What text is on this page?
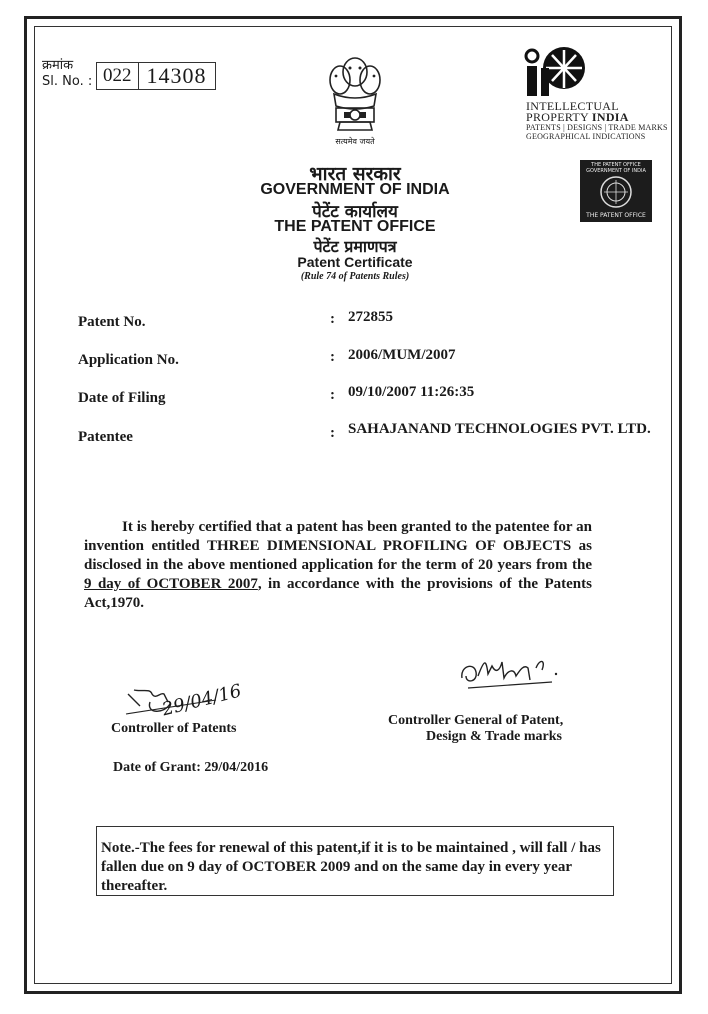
क्रमांक
Sl. No. : 022 14308
सत्यमेव जयते
INTELLECTUAL
PROPERTY INDIA
PATENTS | DESIGNS | TRADE MARKS
GEOGRAPHICAL INDICATIONS
THE PATENT OFFICE GOVERNMENT OF INDIA
THE PATENT OFFICE
भारत सरकार
GOVERNMENT OF INDIA
पेटेंट कार्यालय
THE PATENT OFFICE
पेटेंट प्रमाणपत्र
Patent Certificate
(Rule 74 of Patents Rules)
Patent No.	: 272855
Application No.	: 2006/MUM/2007
Date of Filing	: 09/10/2007 11:26:35
Patentee	: SAHAJANAND TECHNOLOGIES PVT. LTD.
It is hereby certified that a patent has been granted to the patentee for an invention entitled THREE DIMENSIONAL PROFILING OF OBJECTS as disclosed in the above mentioned application for the term of 20 years from the 9 day of OCTOBER 2007, in accordance with the provisions of the Patents Act,1970.
29/04/16
Controller of Patents
Controller General of Patent,
Design & Trade marks
Date of Grant: 29/04/2016
Note.-The fees for renewal of this patent,if it is to be maintained , will fall / has fallen due on 9 day of OCTOBER 2009 and on the same day in every year thereafter.
